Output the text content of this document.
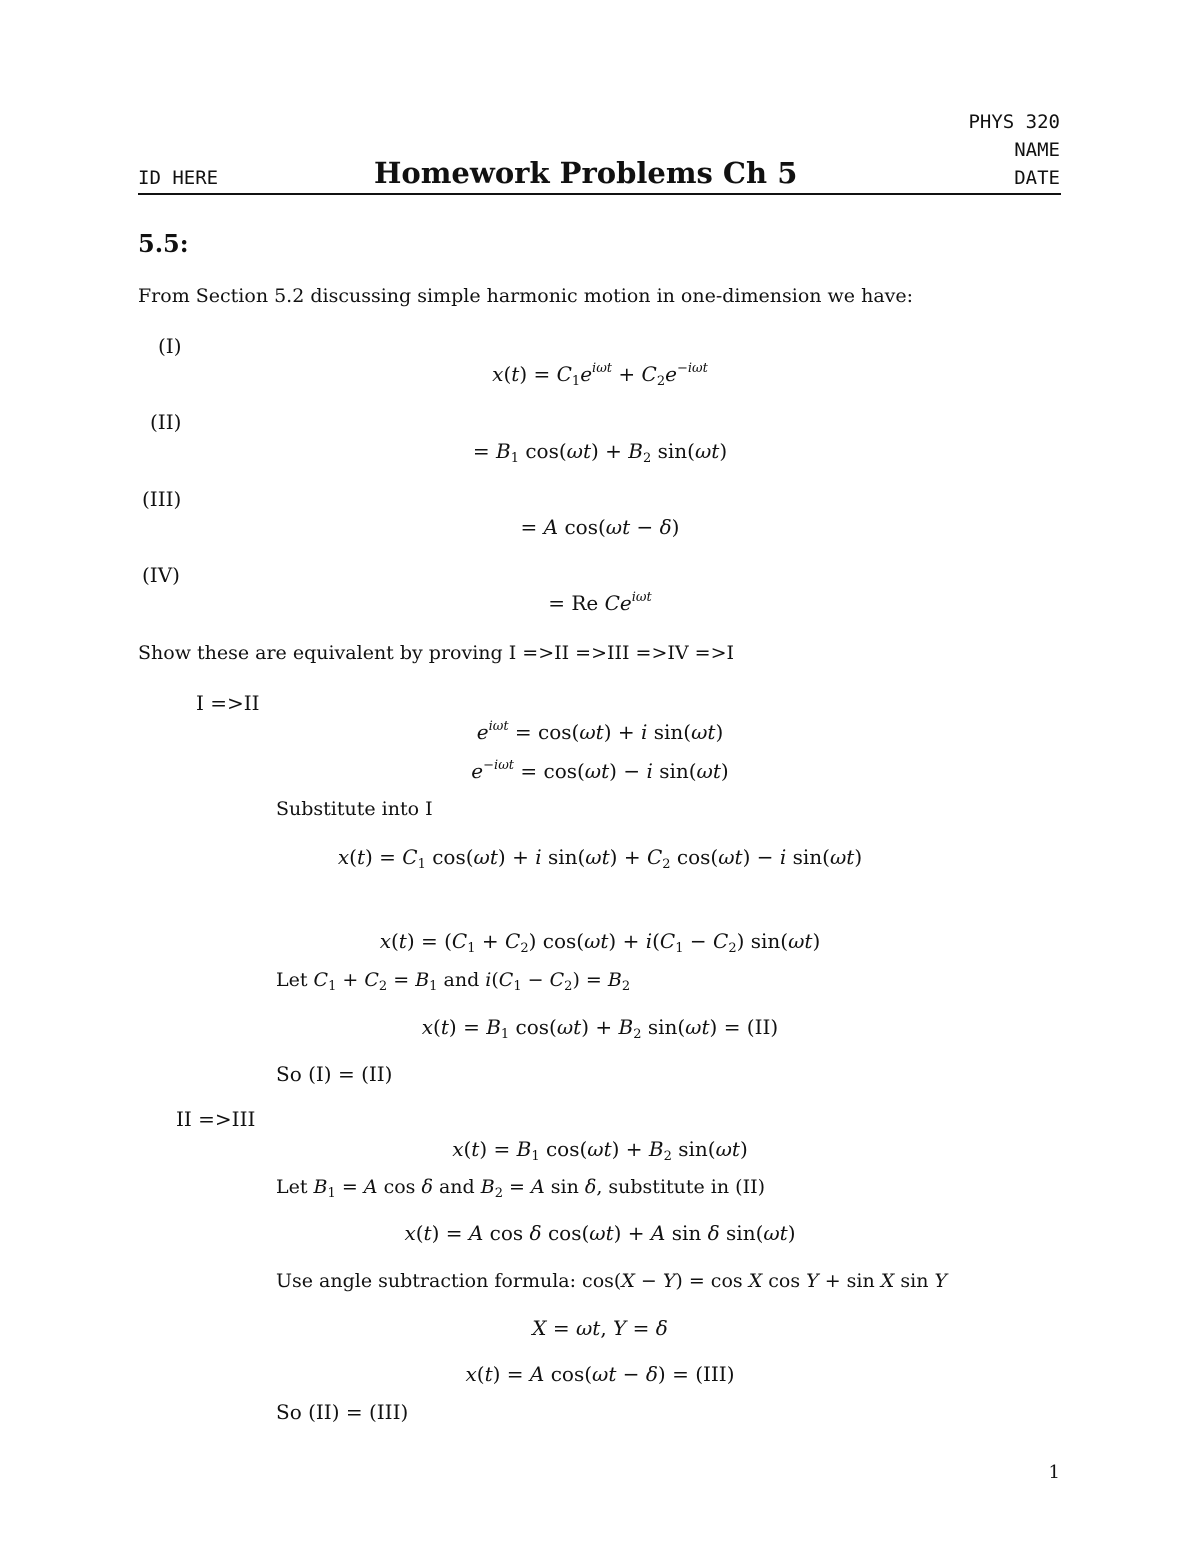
PHYS 320
NAME
ID HERE	Homework Problems Ch 5	DATE
5.5:
From Section 5.2 discussing simple harmonic motion in one-dimension we have:
(I)
$x(t) = C_1e^{i\omega t} + C_2e^{-i\omega t}$
(II)
= $B_1$ $\cos(\omega t) + B_2$ sin(ωt)
(III)
= A cos(ωt − δ)
(IV)
= Re $Ce^{i\omega t}$
Show these are equivalent by proving I =>II =>III =>IV =>I
I =>II
$e^{i\omega t} = \cos(\omega t) + i$ sin(ωt)
$e^{-i\omega t} = \cos(\omega t) - i$ sin(ωt)
Substitute into I
$x(t) = C_1$ cos(ωt) + i $\sin(\omega t) + C_2$ cos(ωt) − i sin(ωt)
$x(t) = (C_1 + C_2) \cos(\omega t) + i(C_1 - C_2)$ sin(ωt)
Let $C_1 + C_2 = B_1$ and $i(C_1 - C_2) = B_2$
$x(t) = B_1$ $\cos(\omega t) + B_2$ sin(ωt) = (II)
So (I) = (II)
II =>III
$x(t) = B_1$ $\cos(\omega t) + B_2$ sin(ωt)
Let $B_1 = A$ cos δ and $B_2 = A$ sin δ, substitute in (II)
x(t) = A cos δ cos(ωt) + A sin δ sin(ωt)
Use angle subtraction formula: cos(X − Y) = cos X cos Y + sin X sin Y
X = ωt, Y = δ
x(t) = A cos(ωt − δ) = (III)
So (II) = (III)
1
